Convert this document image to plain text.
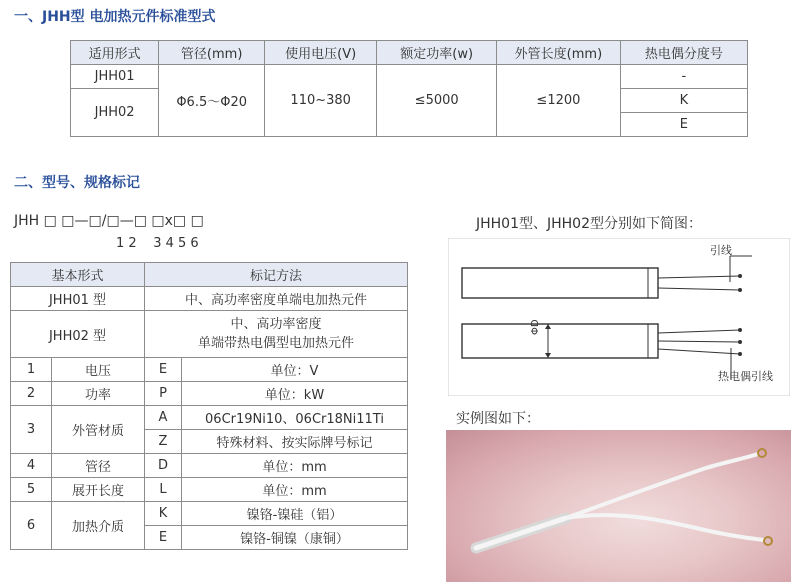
一、JHH型 电加热元件标准型式
适用形式	管径(mm)	使用电压(V)	额定功率(w)	外管长度(mm)	热电偶分度号
JHH01	Φ6.5～Φ20	110~380	≤5000	≤1200	-
JHH02					K
					E
二、型号、规格标记
JHH □ □—□/□—□ □x□ □
1 2    3 4 5 6
基本形式		标记方法	
JHH01 型		中、高功率密度单端电加热元件	
JHH02 型		中、高功率密度
单端带热电偶型电加热元件	

1	电压	E	单位：V
2	功率	P	单位：kW
3	外管材质	A	06Cr19Ni10、06Cr18Ni11Ti
		Z	特殊材料、按实际牌号标记
4	管径	D	单位：mm
5	展开长度	L	单位：mm
6	加热介质	K	镍铬-镍硅（铝）
		E	镍铬-铜镍（康铜）
JHH01型、JHH02型分别如下简图：
引线
ΦD
热电偶引线
实例图如下：
